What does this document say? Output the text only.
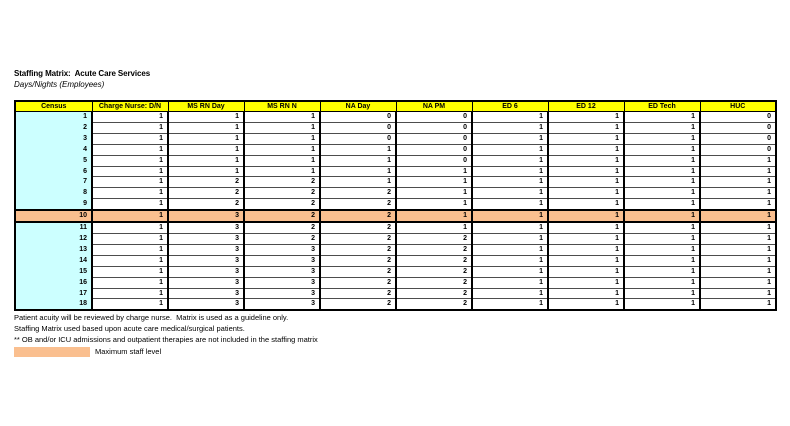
Staffing Matrix:  Acute Care Services
Days/Nights (Employees)
Census	Charge Nurse: D/N	MS RN Day	MS RN N	NA Day	NA PM	ED 6	ED 12	ED Tech	HUC
1	1	1	1	0	0	1	1	1	0
2	1	1	1	0	0	1	1	1	0
3	1	1	1	0	0	1	1	1	0
4	1	1	1	1	0	1	1	1	0
5	1	1	1	1	0	1	1	1	1
6	1	1	1	1	1	1	1	1	1
7	1	2	2	1	1	1	1	1	1
8	1	2	2	2	1	1	1	1	1
9	1	2	2	2	1	1	1	1	1
10	1	3	2	2	1	1	1	1	1
11	1	3	2	2	1	1	1	1	1
12	1	3	2	2	2	1	1	1	1
13	1	3	3	2	2	1	1	1	1
14	1	3	3	2	2	1	1	1	1
15	1	3	3	2	2	1	1	1	1
16	1	3	3	2	2	1	1	1	1
17	1	3	3	2	2	1	1	1	1
18	1	3	3	2	2	1	1	1	1
Patient acuity will be reviewed by charge nurse.  Matrix is used as a guideline only.
Staffing Matrix used based upon acute care medical/surgical patients.
** OB and/or ICU admissions and outpatient therapies are not included in the staffing matrix
Maximum staff level
